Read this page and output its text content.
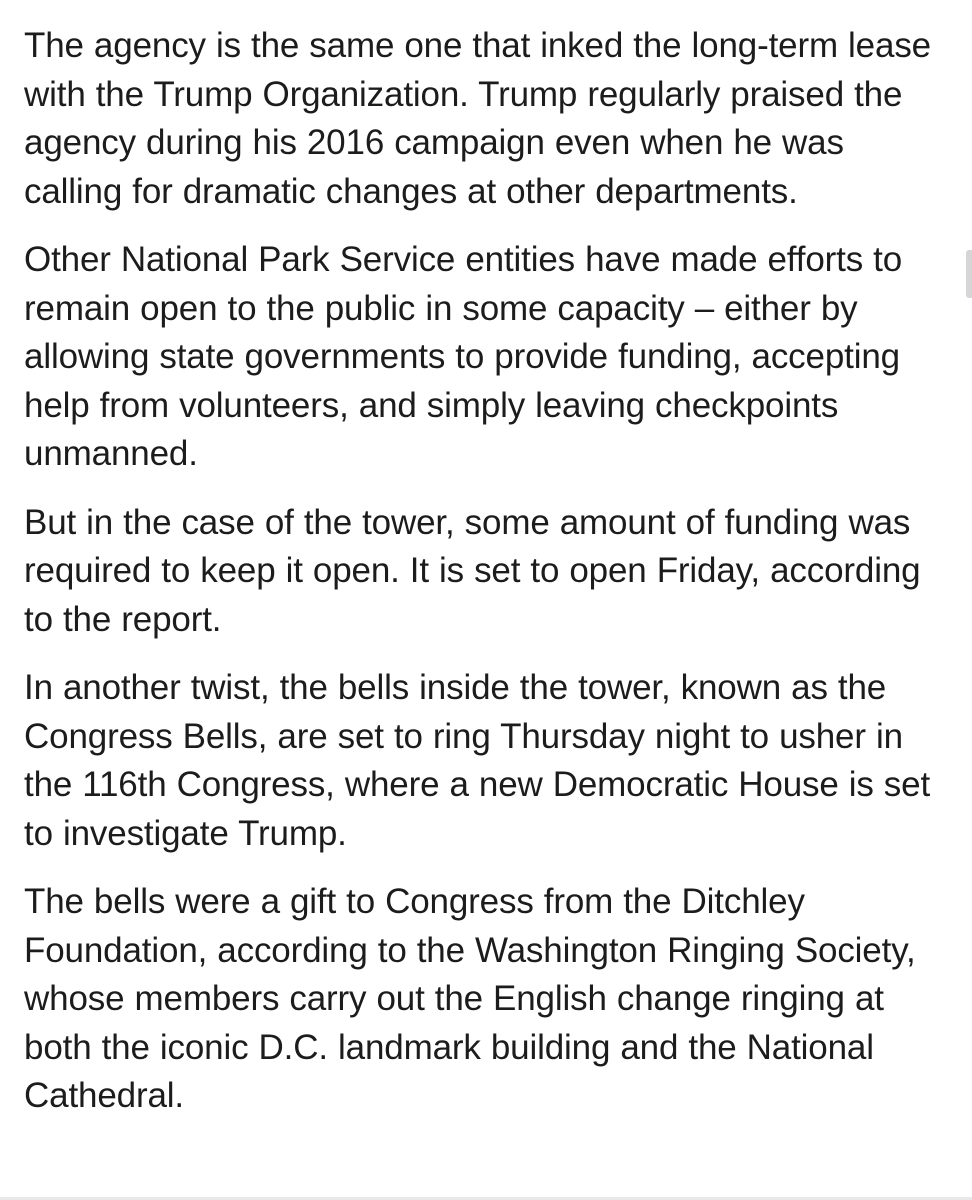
The agency is the same one that inked the long-term lease with the Trump Organization. Trump regularly praised the agency during his 2016 campaign even when he was calling for dramatic changes at other departments.

Other National Park Service entities have made efforts to remain open to the public in some capacity – either by allowing state governments to provide funding, accepting help from volunteers, and simply leaving checkpoints unmanned.

But in the case of the tower, some amount of funding was required to keep it open. It is set to open Friday, according to the report.

In another twist, the bells inside the tower, known as the Congress Bells, are set to ring Thursday night to usher in the 116th Congress, where a new Democratic House is set to investigate Trump.

The bells were a gift to Congress from the Ditchley Foundation, according to the Washington Ringing Society, whose members carry out the English change ringing at both the iconic D.C. landmark building and the National Cathedral.
